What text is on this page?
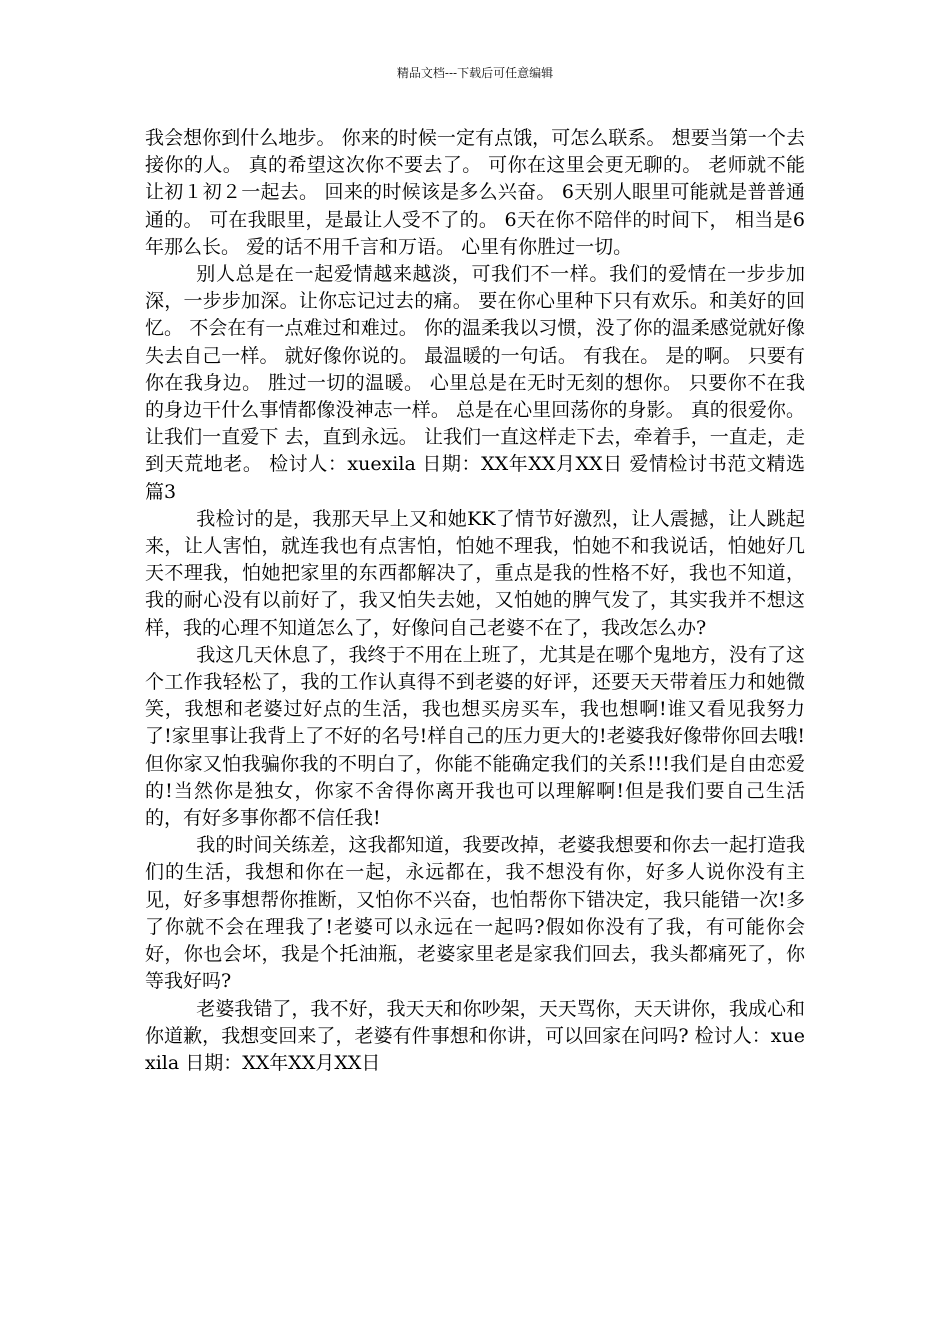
精品文档---下载后可任意编辑

我会想你到什么地步。 你来的时候一定有点饿，可怎么联系。 想要当第一个去接你的人。 真的希望这次你不要去了。 可你在这里会更无聊的。 老师就不能让初１初２一起去。 回来的时候该是多么兴奋。 6天别人眼里可能就是普普通通的。 可在我眼里，是最让人受不了的。 6天在你不陪伴的时间下， 相当是6年那么长。 爱的话不用千言和万语。 心里有你胜过一切。

别人总是在一起爱情越来越淡，可我们不一样。我们的爱情在一步步加深，一步步加深。让你忘记过去的痛。 要在你心里种下只有欢乐。和美好的回忆。 不会在有一点难过和难过。 你的温柔我以习惯，没了你的温柔感觉就好像失去自己一样。 就好像你说的。 最温暖的一句话。 有我在。 是的啊。 只要有你在我身边。 胜过一切的温暖。 心里总是在无时无刻的想你。 只要你不在我的身边干什么事情都像没神志一样。 总是在心里回荡你的身影。 真的很爱你。让我们一直爱下 去，直到永远。 让我们一直这样走下去，牵着手，一直走，走到天荒地老。 检讨人：xuexila 日期：XX年XX月XX日 爱情检讨书范文精选篇3

我检讨的是，我那天早上又和她KK了情节好激烈，让人震撼，让人跳起来，让人害怕，就连我也有点害怕，怕她不理我，怕她不和我说话，怕她好几天不理我，怕她把家里的东西都解决了，重点是我的性格不好，我也不知道，我的耐心没有以前好了，我又怕失去她，又怕她的脾气发了，其实我并不想这样，我的心理不知道怎么了，好像问自己老婆不在了，我改怎么办?

我这几天休息了，我终于不用在上班了，尤其是在哪个鬼地方，没有了这个工作我轻松了，我的工作认真得不到老婆的好评，还要天天带着压力和她微笑，我想和老婆过好点的生活，我也想买房买车，我也想啊!谁又看见我努力了!家里事让我背上了不好的名号!样自己的压力更大的!老婆我好像带你回去哦!但你家又怕我骗你我的不明白了，你能不能确定我们的关系!!!我们是自由恋爱的!当然你是独女，你家不舍得你离开我也可以理解啊!但是我们要自己生活的，有好多事你都不信任我!

我的时间关练差，这我都知道，我要改掉，老婆我想要和你去一起打造我们的生活，我想和你在一起，永远都在，我不想没有你，好多人说你没有主见，好多事想帮你推断，又怕你不兴奋，也怕帮你下错决定，我只能错一次!多了你就不会在理我了!老婆可以永远在一起吗?假如你没有了我，有可能你会好，你也会坏，我是个托油瓶，老婆家里老是家我们回去，我头都痛死了，你等我好吗?

老婆我错了，我不好，我天天和你吵架，天天骂你，天天讲你，我成心和你道歉，我想变回来了，老婆有件事想和你讲，可以回家在问吗? 检讨人：xuexila 日期：XX年XX月XX日
